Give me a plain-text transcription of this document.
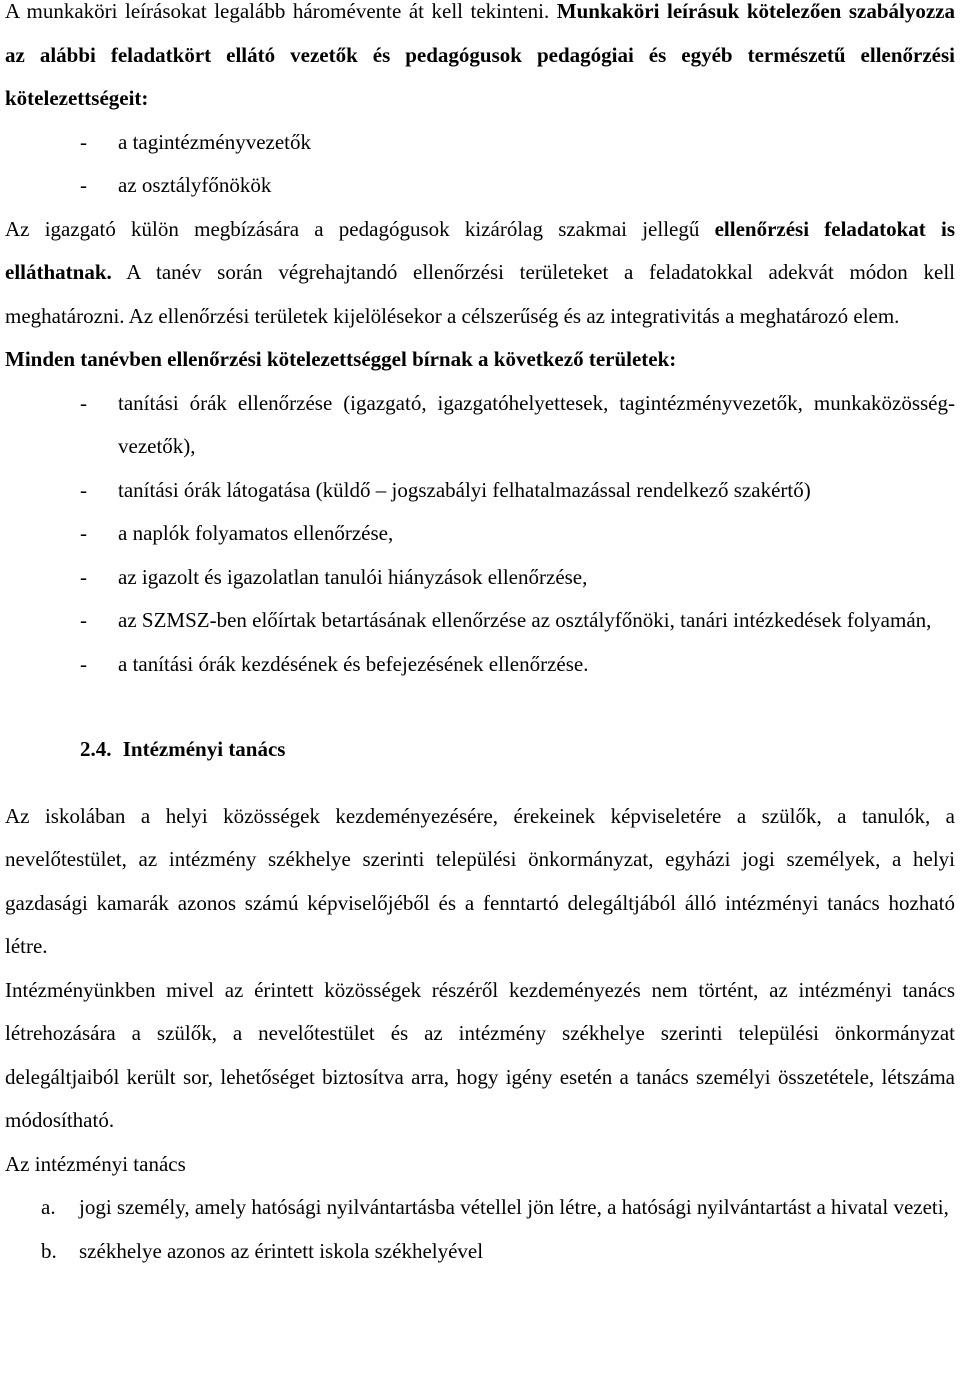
A munkaköri leírásokat legalább háromévente át kell tekinteni. Munkaköri leírásuk kötelezően szabályozza az alábbi feladatkört ellátó vezetők és pedagógusok pedagógiai és egyéb természetű ellenőrzési kötelezettségeit:

-	a tagintézményvezetők
-	az osztályfőnökök

Az igazgató külön megbízására a pedagógusok kizárólag szakmai jellegű ellenőrzési feladatokat is elláthatnak. A tanév során végrehajtandó ellenőrzési területeket a feladatokkal adekvát módon kell meghatározni. Az ellenőrzési területek kijelölésekor a célszerűség és az integrativitás a meghatározó elem.

Minden tanévben ellenőrzési kötelezettséggel bírnak a következő területek:

-	tanítási órák ellenőrzése (igazgató, igazgatóhelyettesek, tagintézményvezetők, munkaközösség-vezetők),
-	tanítási órák látogatása (küldő – jogszabályi felhatalmazással rendelkező szakértő)
-	a naplók folyamatos ellenőrzése,
-	az igazolt és igazolatlan tanulói hiányzások ellenőrzése,
-	az SZMSZ-ben előírtak betartásának ellenőrzése az osztályfőnöki, tanári intézkedések folyamán,
-	a tanítási órák kezdésének és befejezésének ellenőrzése.
2.4. Intézményi tanács

Az iskolában a helyi közösségek kezdeményezésére, érekeinek képviseletére a szülők, a tanulók, a nevelőtestület, az intézmény székhelye szerinti települési önkormányzat, egyházi jogi személyek, a helyi gazdasági kamarák azonos számú képviselőjéből és a fenntartó delegáltjából álló intézményi tanács hozható létre.

Intézményünkben mivel az érintett közösségek részéről kezdeményezés nem történt, az intézményi tanács létrehozására a szülők, a nevelőtestület és az intézmény székhelye szerinti települési önkormányzat delegáltjaiból került sor, lehetőséget biztosítva arra, hogy igény esetén a tanács személyi összetétele, létszáma módosítható.

Az intézményi tanács

a.	jogi személy, amely hatósági nyilvántartásba vétellel jön létre, a hatósági nyilvántartást a hivatal vezeti,
b.	székhelye azonos az érintett iskola székhelyével
